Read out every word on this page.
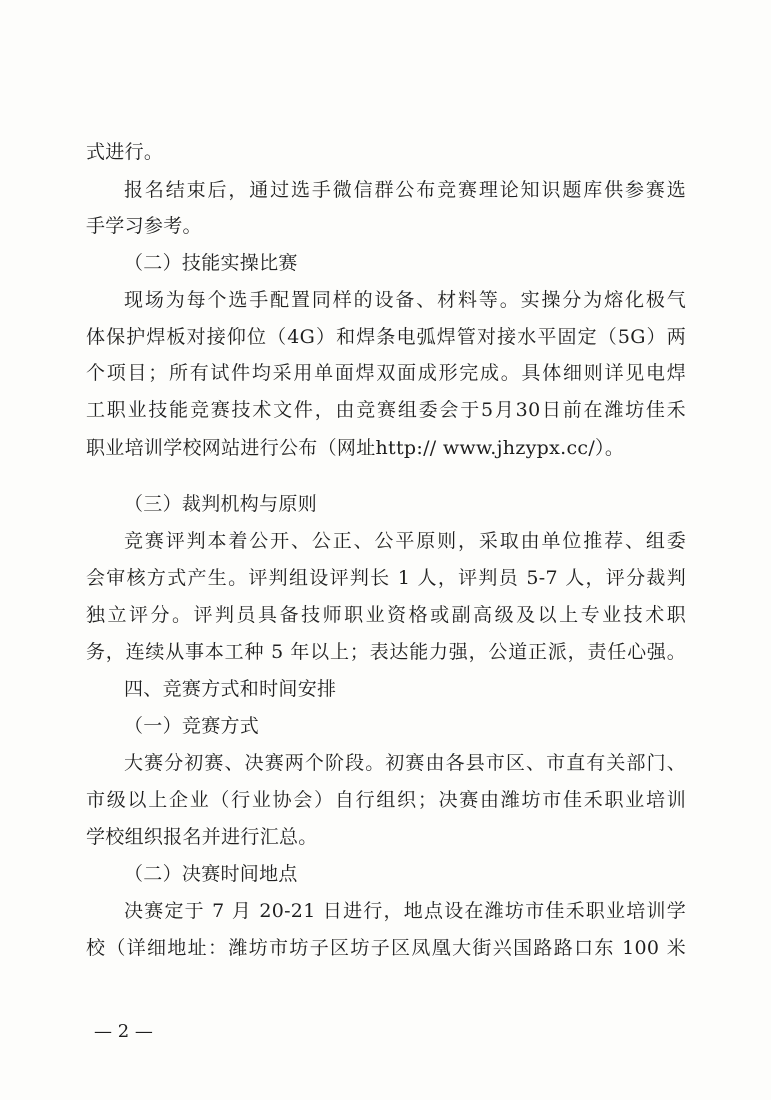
式进行。
报名结束后，通过选手微信群公布竞赛理论知识题库供参赛选
手学习参考。
（二）技能实操比赛
现场为每个选手配置同样的设备、材料等。实操分为熔化极气
体保护焊板对接仰位（4G）和焊条电弧焊管对接水平固定（5G）两
个项目；所有试件均采用单面焊双面成形完成。具体细则详见电焊
工职业技能竞赛技术文件，由竞赛组委会于5月30日前在潍坊佳禾
职业培训学校网站进行公布（网址http:// www.jhzypx.cc/）。
（三）裁判机构与原则
竞赛评判本着公开、公正、公平原则，采取由单位推荐、组委
会审核方式产生。评判组设评判长 1 人，评判员 5-7 人，评分裁判
独立评分。评判员具备技师职业资格或副高级及以上专业技术职
务，连续从事本工种 5 年以上；表达能力强，公道正派，责任心强。
四、竞赛方式和时间安排
（一）竞赛方式
大赛分初赛、决赛两个阶段。初赛由各县市区、市直有关部门、
市级以上企业（行业协会）自行组织；决赛由潍坊市佳禾职业培训
学校组织报名并进行汇总。
（二）决赛时间地点
决赛定于 7 月 20-21 日进行，地点设在潍坊市佳禾职业培训学
校（详细地址：潍坊市坊子区坊子区凤凰大街兴国路路口东 100 米
— 2 —
